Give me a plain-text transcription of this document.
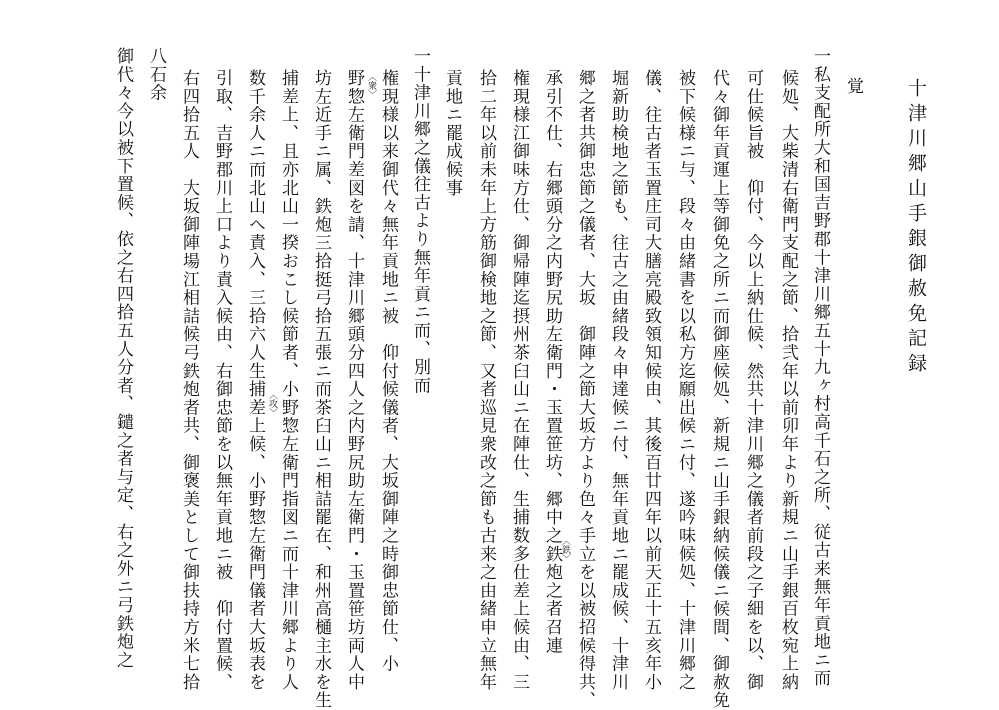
十津川郷山手銀御赦免記録
覚
一私支配所大和国吉野郡十津川郷五十九ヶ村高千石之所、従古来無年貢地ニ而
候処、大柴清右衛門支配之節、拾弐年以前卯年より新規ニ山手銀百枚宛上納
可仕候旨被　仰付、今以上納仕候、然共十津川郷之儀者前段之子細を以、御
代々御年貢運上等御免之所ニ而御座候処、新規ニ山手銀納候儀ニ候間、御赦免
被下候様ニ与、段々由緒書を以私方迄願出候ニ付、遂吟味候処、十津川郷之
儀、往古者玉置庄司大膳亮殿致領知候由、其後百廿四年以前天正十五亥年小
堀新助検地之節も、往古之由緒段々申達候ニ付、無年貢地ニ罷成候、十津川
郷之者共御忠節之儀者、大坂　御陣之節大坂方より色々手立を以被招候得共、
承引不仕、右郷頭分之内野尻助左衛門・玉置笹坊、郷中之鉄炮之者召連
権現様江御味方仕、御帰陣迄摂州茶臼山ニ在陣仕、生捕数多仕差上候由、三
拾二年以前未年上方筋御検地之節、又者巡見衆改之節も古来之由緒申立無年
貢地ニ罷成候事
一十津川郷之儀往古より無年貢ニ而、別而
権現様以来御代々無年貢地ニ被　仰付候儀者、大坂御陣之時御忠節仕、小
野惣左衛門差図を請、十津川郷頭分四人之内野尻助左衛門・玉置笹坊両人中
坊左近手ニ属、鉄炮三拾挺弓拾五張ニ而茶臼山ニ相詰罷在、和州高樋主水を生
捕差上、且亦北山一揆おこし候節者、小野惣左衛門指図ニ而十津川郷より人
数千余人ニ而北山へ責入、三拾六人生捕差上候、小野惣左衛門儀者大坂表を
引取、吉野郡川上口より責入候由、右御忠節を以無年貢地ニ被　仰付置候、
右四拾五人　大坂御陣場江相詰候弓鉄炮者共、御褒美として御扶持方米七拾
八石余
御代々今以被下置候、依之右四拾五人分者、鑓之者与定、右之外ニ弓鉄炮之	〈衆〉
〈鉄〉
〈攻〉
